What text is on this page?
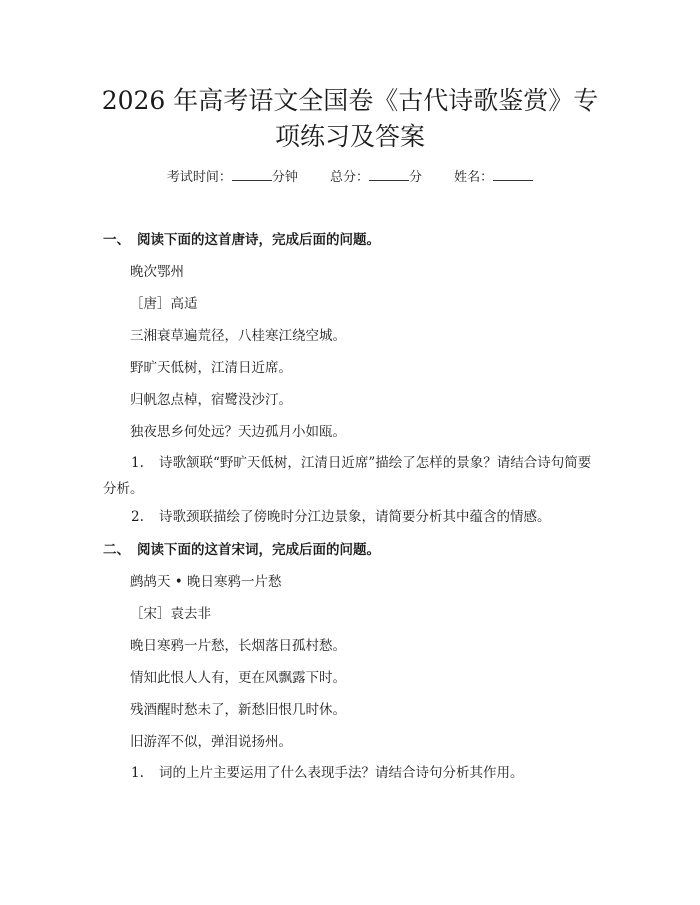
2026 年高考语文全国卷《古代诗歌鉴赏》专
项练习及答案
考试时间：	分钟 总分：	分 姓名：
一、 阅读下面的这首唐诗，完成后面的问题。
晚次鄂州
［唐］高适
三湘衰草遍荒径，八桂寒江绕空城。
野旷天低树，江清日近席。
归帆忽点棹，宿鹭没沙汀。
独夜思乡何处远？天边孤月小如瓯。
1. 诗歌颔联“野旷天低树，江清日近席”描绘了怎样的景象？请结合诗句简要分析。
2. 诗歌颈联描绘了傍晚时分江边景象，请简要分析其中蕴含的情感。
二、 阅读下面的这首宋词，完成后面的问题。
鹧鸪天 • 晚日寒鸦一片愁
［宋］袁去非
晚日寒鸦一片愁，长烟落日孤村愁。
情知此恨人人有，更在风飘露下时。
残酒醒时愁未了，新愁旧恨几时休。
旧游浑不似，弹泪说扬州。
1. 词的上片主要运用了什么表现手法？请结合诗句分析其作用。
